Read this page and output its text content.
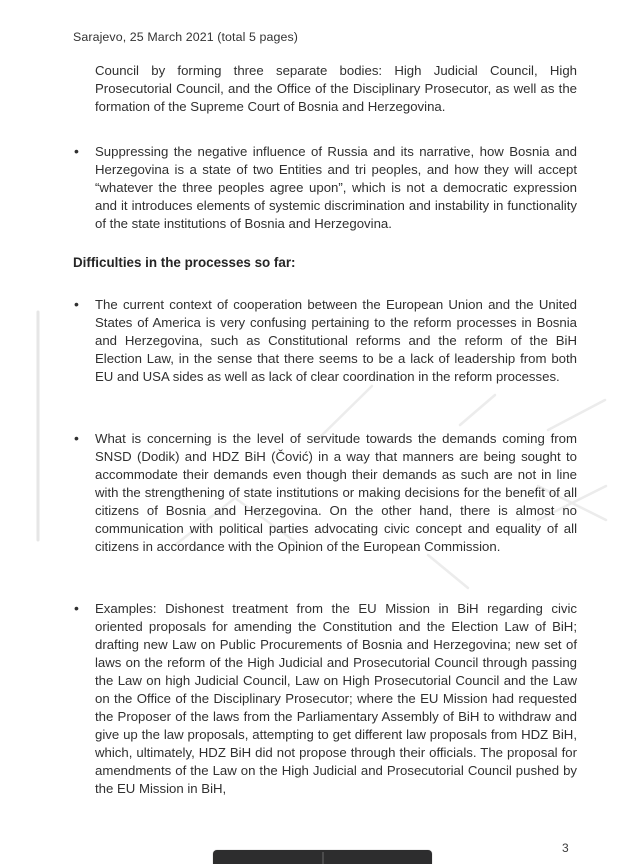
Sarajevo, 25 March 2021 (total 5 pages)
Council by forming three separate bodies: High Judicial Council, High Prosecutorial Council, and the Office of the Disciplinary Prosecutor, as well as the formation of the Supreme Court of Bosnia and Herzegovina.
• Suppressing the negative influence of Russia and its narrative, how Bosnia and Herzegovina is a state of two Entities and tri peoples, and how they will accept “whatever the three peoples agree upon”, which is not a democratic expression and it introduces elements of systemic discrimination and instability in functionality of the state institutions of Bosnia and Herzegovina.
Difficulties in the processes so far:
• The current context of cooperation between the European Union and the United States of America is very confusing pertaining to the reform processes in Bosnia and Herzegovina, such as Constitutional reforms and the reform of the BiH Election Law, in the sense that there seems to be a lack of leadership from both EU and USA sides as well as lack of clear coordination in the reform processes.
• What is concerning is the level of servitude towards the demands coming from SNSD (Dodik) and HDZ BiH (Čović) in a way that manners are being sought to accommodate their demands even though their demands as such are not in line with the strengthening of state institutions or making decisions for the benefit of all citizens of Bosnia and Herzegovina. On the other hand, there is almost no communication with political parties advocating civic concept and equality of all citizens in accordance with the Opinion of the European Commission.
• Examples: Dishonest treatment from the EU Mission in BiH regarding civic oriented proposals for amending the Constitution and the Election Law of BiH; drafting new Law on Public Procurements of Bosnia and Herzegovina; new set of laws on the reform of the High Judicial and Prosecutorial Council through passing the Law on high Judicial Council, Law on High Prosecutorial Council and the Law on the Office of the Disciplinary Prosecutor; where the EU Mission had requested the Proposer of the laws from the Parliamentary Assembly of BiH to withdraw and give up the law proposals, attempting to get different law proposals from HDZ BiH, which, ultimately, HDZ BiH did not propose through their officials. The proposal for amendments of the Law on the High Judicial and Prosecutorial Council pushed by the EU Mission in BiH,
3
